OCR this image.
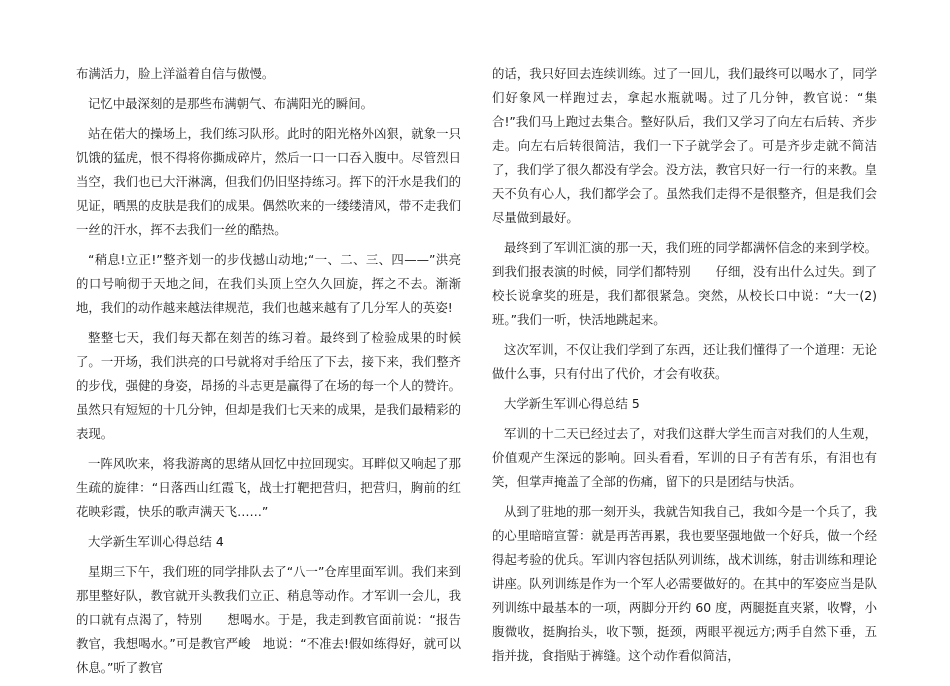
布满活力，脸上洋溢着自信与傲慢。

记忆中最深刻的是那些布满朝气、布满阳光的瞬间。

站在偌大的操场上，我们练习队形。此时的阳光格外凶狠，就象一只饥饿的猛虎，恨不得将你撕成碎片，然后一口一口吞入腹中。尽管烈日当空，我们也已大汗淋漓，但我们仍旧坚持练习。挥下的汗水是我们的见证，晒黑的皮肤是我们的成果。偶然吹来的一缕缕清风，带不走我们一丝的汗水，挥不去我们一丝的酷热。

“稍息!立正!”整齐划一的步伐撼山动地;“一、二、三、四——”洪亮的口号响彻于天地之间，在我们头顶上空久久回旋，挥之不去。渐渐地，我们的动作越来越法律规范，我们也越来越有了几分军人的英姿!

整整七天，我们每天都在刻苦的练习着。最终到了检验成果的时候了。一开场，我们洪亮的口号就将对手给压了下去，接下来，我们整齐的步伐，强健的身姿，昂扬的斗志更是赢得了在场的每一个人的赞许。虽然只有短短的十几分钟，但却是我们七天来的成果，是我们最精彩的表现。

一阵风吹来，将我游离的思绪从回忆中拉回现实。耳畔似又响起了那生疏的旋律：“日落西山红霞飞，战士打靶把营归，把营归，胸前的红花映彩霞，快乐的歌声满天飞……”

大学新生军训心得总结 4

星期三下午，我们班的同学排队去了“八一”仓库里面军训。我们来到那里整好队，教官就开头教我们立正、稍息等动作。才军训一会儿，我的口就有点渴了，特别　　想喝水。于是，我走到教官面前说：“报告教官，我想喝水。”可是教官严峻　地说：“不准去!假如练得好，就可以休息。”听了教官

的话，我只好回去连续训练。过了一回儿，我们最终可以喝水了，同学们好象风一样跑过去，拿起水瓶就喝。过了几分钟，教官说：“集合!”我们马上跑过去集合。整好队后，我们又学习了向左右后转、齐步走。向左右后转很简洁，我们一下子就学会了。可是齐步走就不简洁了，我们学了很久都没有学会。没方法，教官只好一行一行的来教。皇天不负有心人，我们都学会了。虽然我们走得不是很整齐，但是我们会尽量做到最好。

最终到了军训汇演的那一天，我们班的同学都满怀信念的来到学校。到我们报表演的时候，同学们都特别　　仔细，没有出什么过失。到了校长说拿奖的班是，我们都很紧急。突然，从校长口中说：“大一(2)班。”我们一听，快活地跳起来。

这次军训，不仅让我们学到了东西，还让我们懂得了一个道理：无论做什么事，只有付出了代价，才会有收获。

大学新生军训心得总结 5

军训的十二天已经过去了，对我们这群大学生而言对我们的人生观，价值观产生深远的影响。回头看看，军训的日子有苦有乐，有泪也有笑，但掌声掩盖了全部的伤痛，留下的只是团结与快活。

从到了驻地的那一刻开头，我就告知我自己，我如今是一个兵了，我的心里暗暗宣誓：就是再苦再累，我也要坚强地做一个好兵，做一个经得起考验的优兵。军训内容包括队列训练，战术训练，射击训练和理论讲座。队列训练是作为一个军人必需要做好的。在其中的军姿应当是队列训练中最基本的一项，两脚分开约 60 度，两腿挺直夹紧，收臀，小腹微收，挺胸抬头，收下颚，挺颈，两眼平视远方;两手自然下垂，五指并拢，食指贴于裤缝。这个动作看似简洁，
